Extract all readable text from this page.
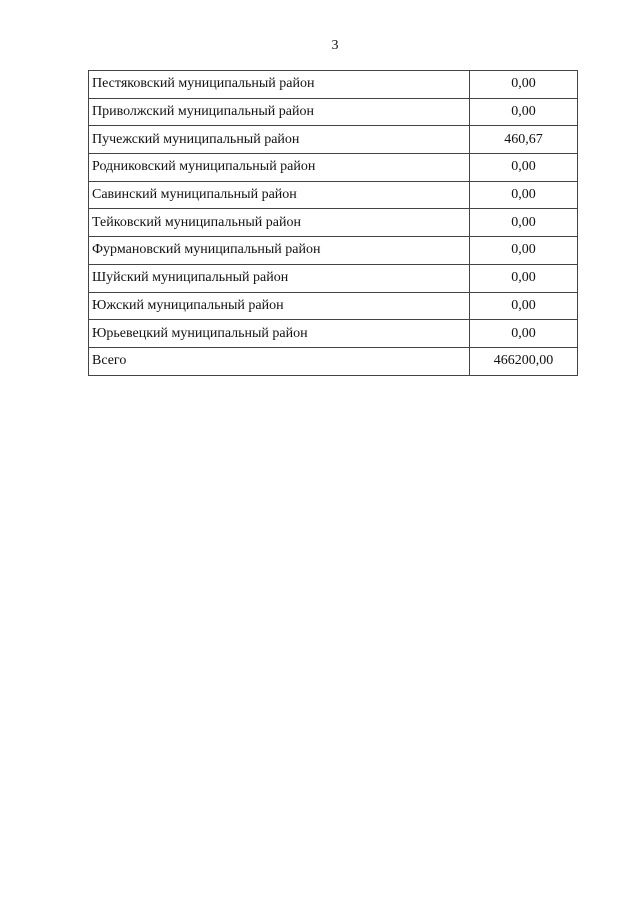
3
Пестяковский муниципальный район	0,00
Приволжский муниципальный район	0,00
Пучежский муниципальный район	460,67
Родниковский муниципальный район	0,00
Савинский муниципальный район	0,00
Тейковский муниципальный район	0,00
Фурмановский муниципальный район	0,00
Шуйский муниципальный район	0,00
Южский муниципальный район	0,00
Юрьевецкий муниципальный район	0,00
Всего	466200,00
